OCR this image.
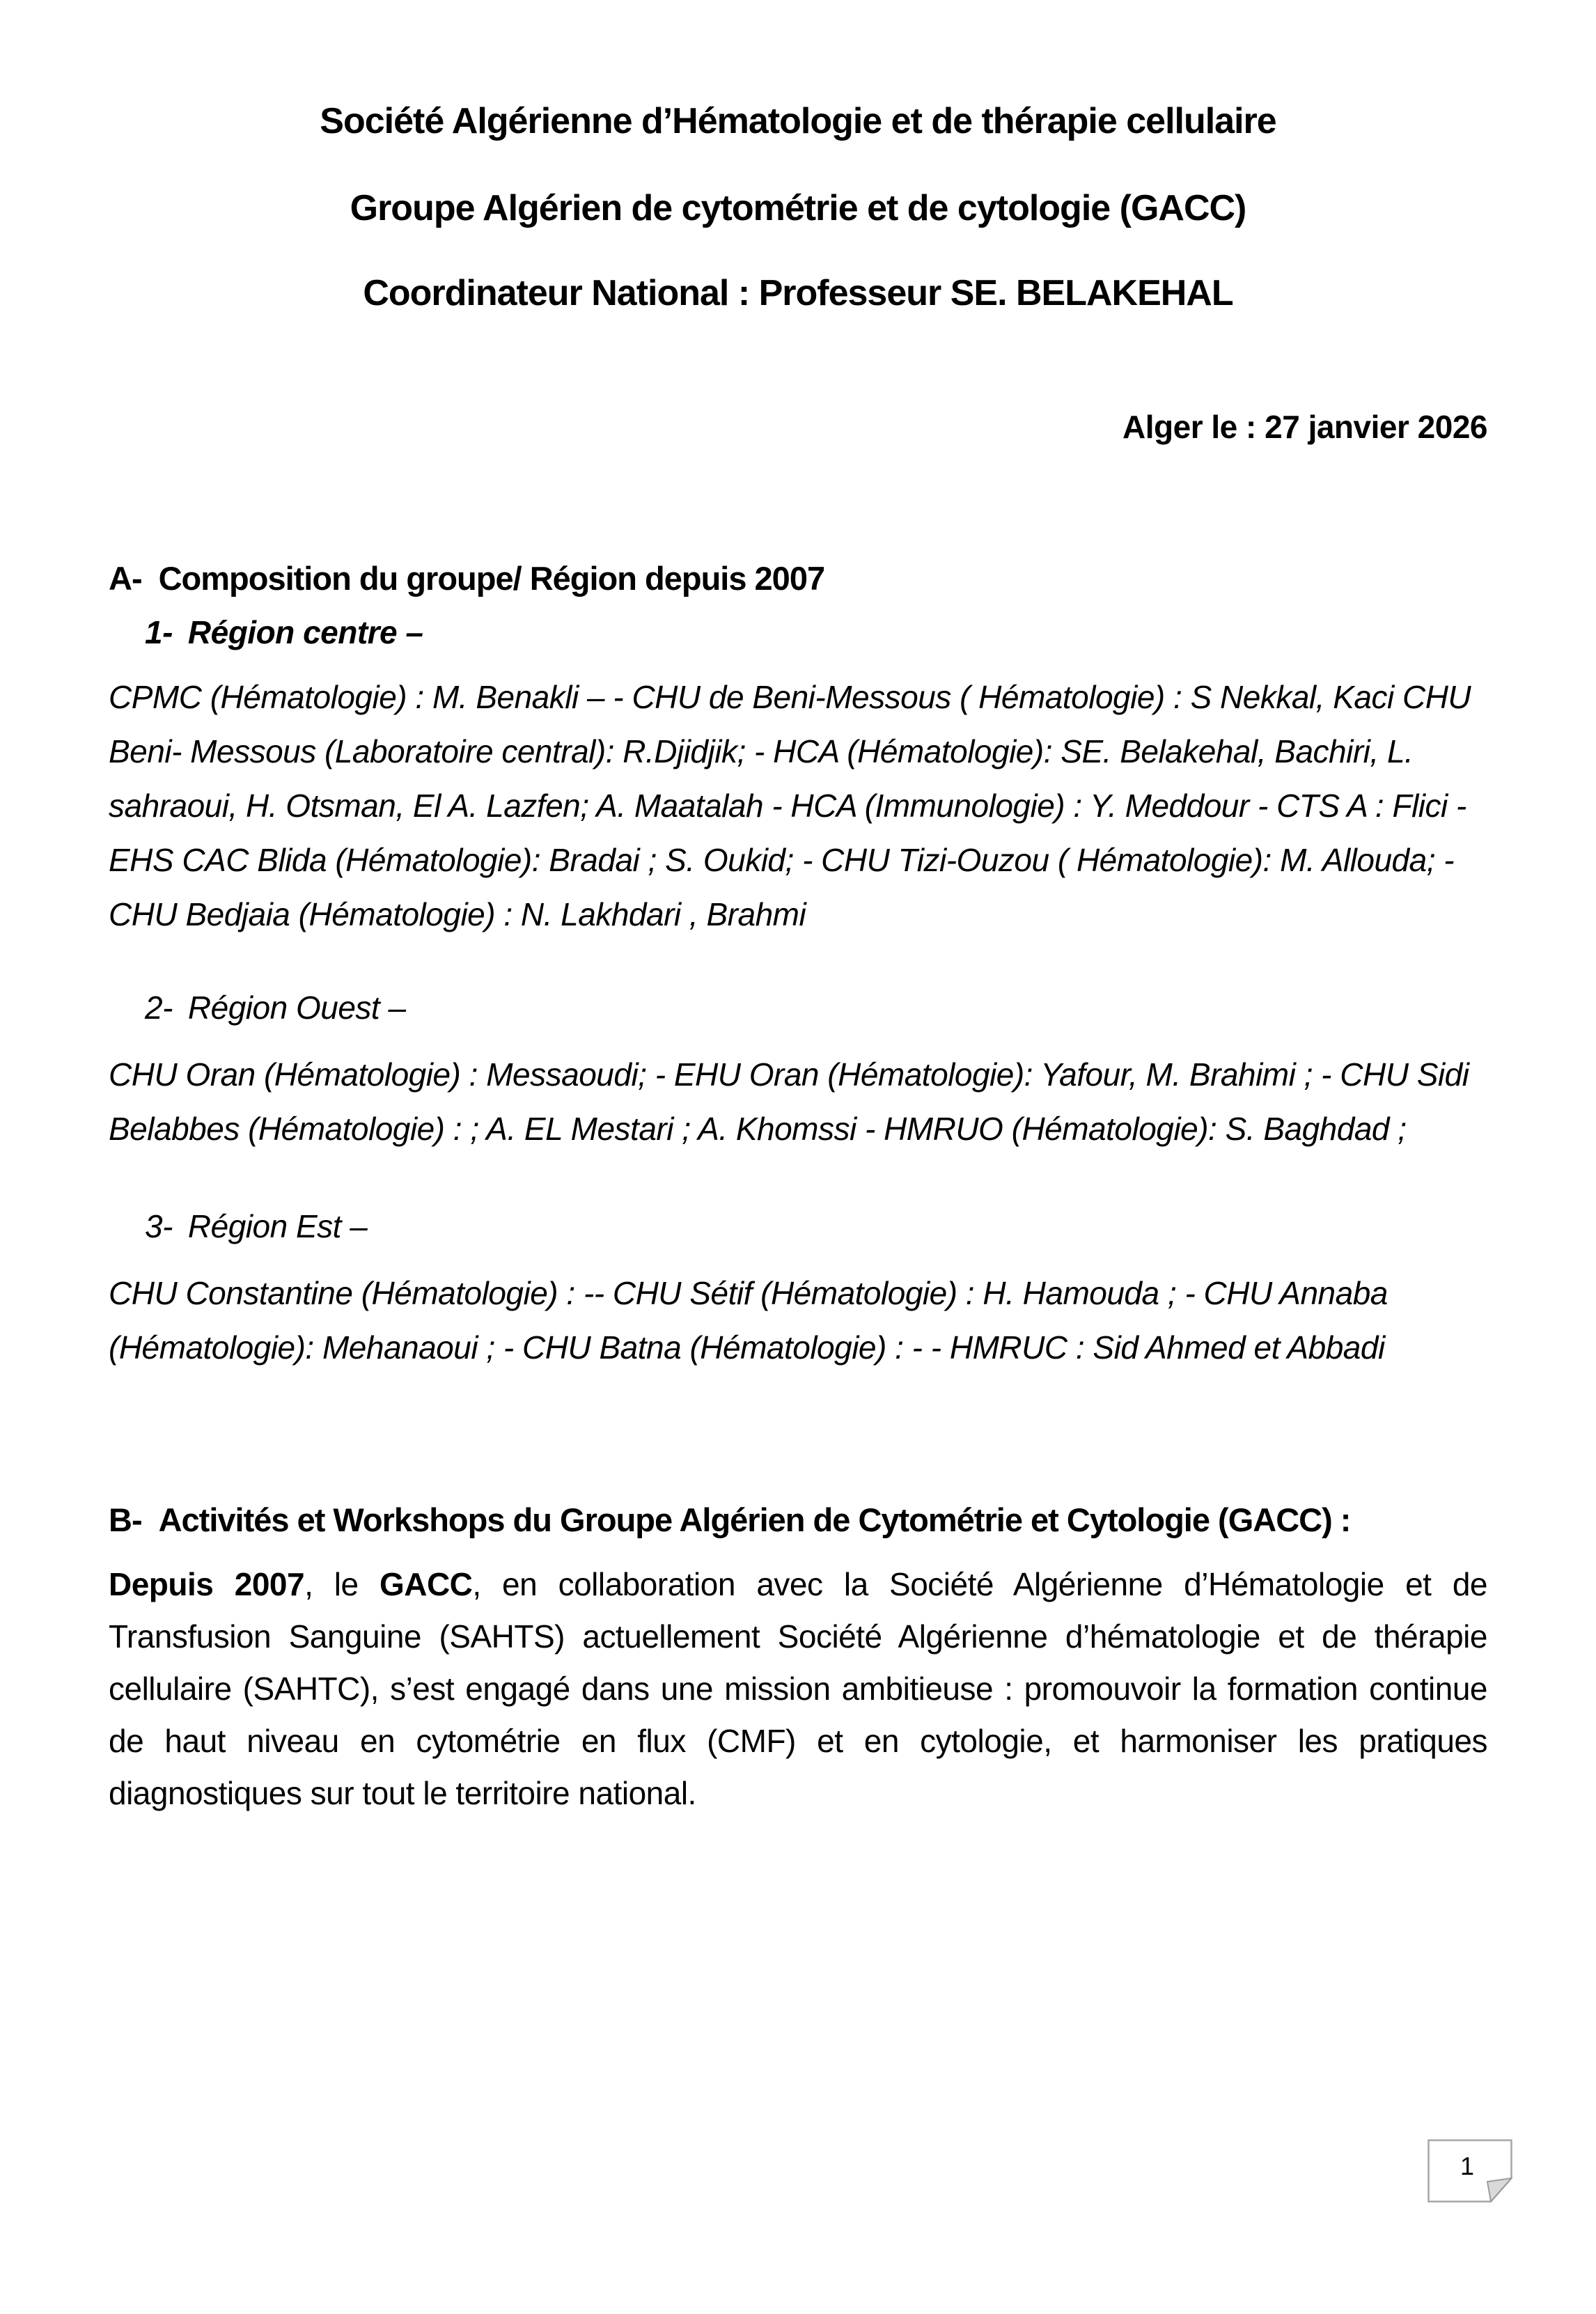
Société Algérienne d’Hématologie et de thérapie cellulaire
Groupe Algérien de cytométrie et de cytologie (GACC)
Coordinateur National : Professeur SE. BELAKEHAL
Alger le : 27 janvier 2026
A- Composition du groupe/ Région depuis 2007
1- Région centre –
CPMC (Hématologie) : M. Benakli – - CHU de Beni-Messous ( Hématologie) : S Nekkal, Kaci CHU Beni- Messous (Laboratoire central): R.Djidjik; - HCA (Hématologie): SE. Belakehal, Bachiri, L. sahraoui, H. Otsman, El A. Lazfen; A. Maatalah - HCA (Immunologie) : Y. Meddour - CTS A : Flici - EHS CAC Blida (Hématologie): Bradai ; S. Oukid; - CHU Tizi-Ouzou ( Hématologie): M. Allouda; - CHU Bedjaia (Hématologie) : N. Lakhdari , Brahmi
2- Région Ouest –
CHU Oran (Hématologie) : Messaoudi; - EHU Oran (Hématologie): Yafour, M. Brahimi ; - CHU Sidi Belabbes (Hématologie) : ; A. EL Mestari ; A. Khomssi - HMRUO (Hématologie): S. Baghdad ;
3- Région Est –
CHU Constantine (Hématologie) : -- CHU Sétif (Hématologie) : H. Hamouda ; - CHU Annaba (Hématologie): Mehanaoui ; - CHU Batna (Hématologie) : - - HMRUC : Sid Ahmed et Abbadi
B- Activités et Workshops du Groupe Algérien de Cytométrie et Cytologie (GACC) :
Depuis 2007, le GACC, en collaboration avec la Société Algérienne d’Hématologie et de Transfusion Sanguine (SAHTS) actuellement Société Algérienne d’hématologie et de thérapie cellulaire (SAHTC), s’est engagé dans une mission ambitieuse : promouvoir la formation continue de haut niveau en cytométrie en flux (CMF) et en cytologie, et harmoniser les pratiques diagnostiques sur tout le territoire national.
1
